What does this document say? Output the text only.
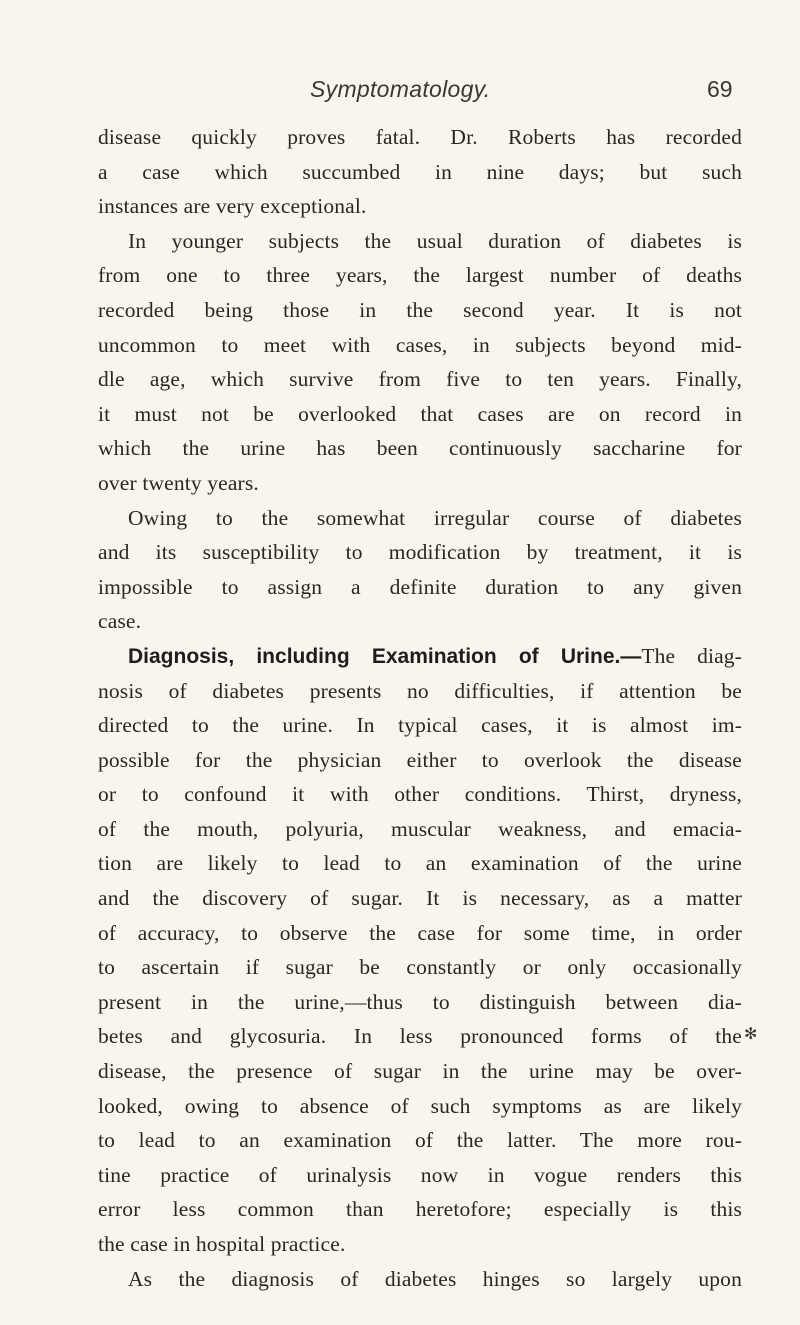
Symptomatology.	69
disease quickly proves fatal. Dr. Roberts has recorded
a case which succumbed in nine days; but such
instances are very exceptional.
In younger subjects the usual duration of diabetes is
from one to three years, the largest number of deaths
recorded being those in the second year. It is not
uncommon to meet with cases, in subjects beyond mid-
dle age, which survive from five to ten years. Finally,
it must not be overlooked that cases are on record in
which the urine has been continuously saccharine for
over twenty years.
Owing to the somewhat irregular course of diabetes
and its susceptibility to modification by treatment, it is
impossible to assign a definite duration to any given
case.
Diagnosis, including Examination of Urine.—The diag-
nosis of diabetes presents no difficulties, if attention be
directed to the urine. In typical cases, it is almost im-
possible for the physician either to overlook the disease
or to confound it with other conditions. Thirst, dryness,
of the mouth, polyuria, muscular weakness, and emacia-
tion are likely to lead to an examination of the urine
and the discovery of sugar. It is necessary, as a matter
of accuracy, to observe the case for some time, in order
to ascertain if sugar be constantly or only occasionally
present in the urine,—thus to distinguish between dia-
betes and glycosuria. In less pronounced forms of the
disease, the presence of sugar in the urine may be over-
looked, owing to absence of such symptoms as are likely
to lead to an examination of the latter. The more rou-
tine practice of urinalysis now in vogue renders this
error less common than heretofore; especially is this
the case in hospital practice.
As the diagnosis of diabetes hinges so largely upon
✻
